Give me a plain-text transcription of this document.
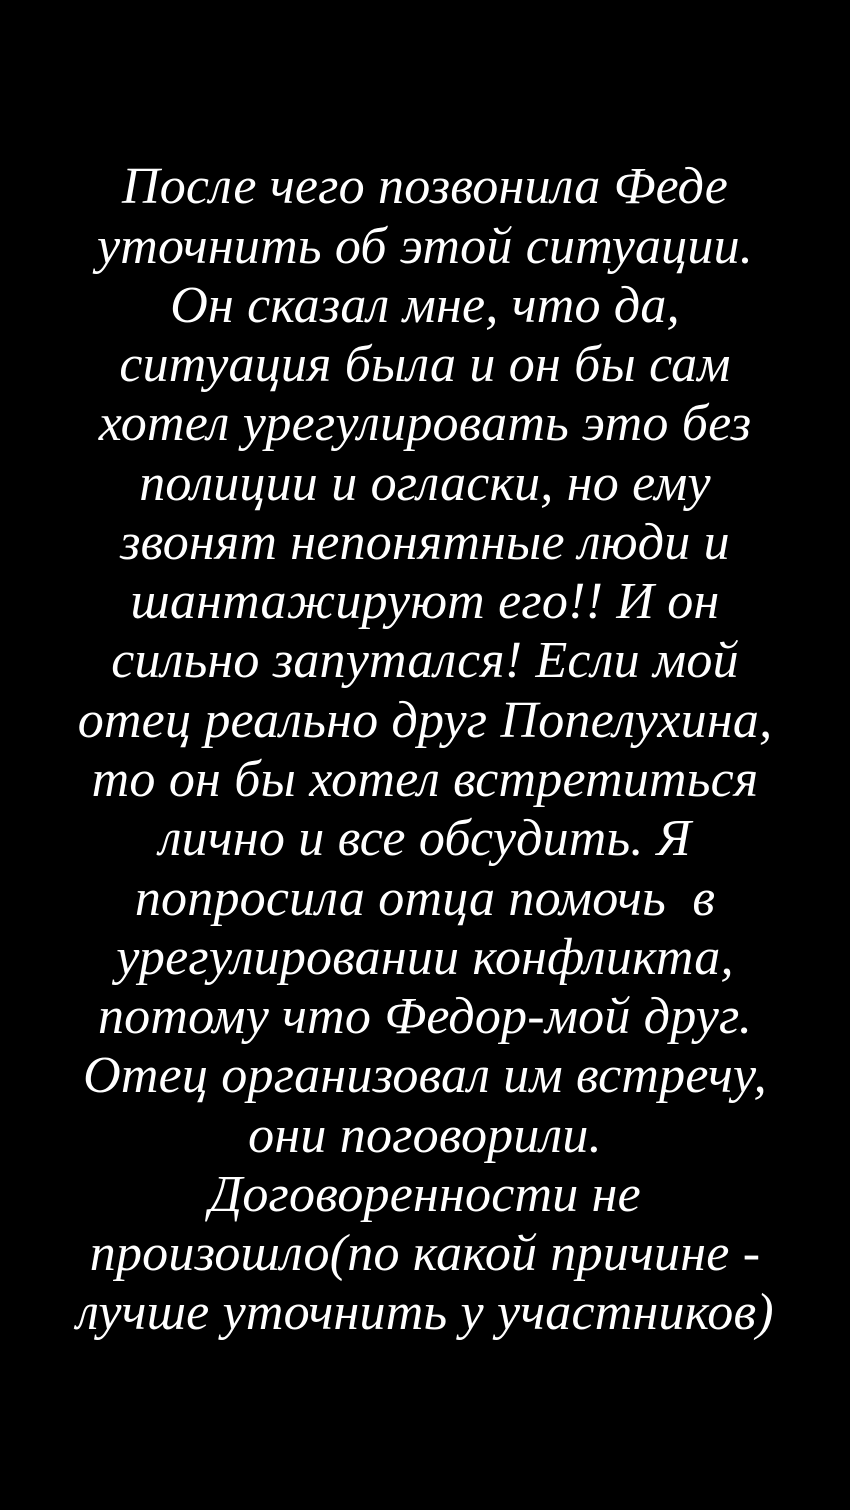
После чего позвонила Феде уточнить об этой ситуации. Он сказал мне, что да, ситуация была и он бы сам хотел урегулировать это без полиции и огласки, но ему звонят непонятные люди и шантажируют его!! И он сильно запутался! Если мой отец реально друг Попелухина, то он бы хотел встретиться лично и все обсудить. Я попросила отца помочь  в урегулировании конфликта, потому что Федор-мой друг. Отец организовал им встречу, они поговорили. Договоренности не произошло(по какой причине - лучше уточнить у участников)
